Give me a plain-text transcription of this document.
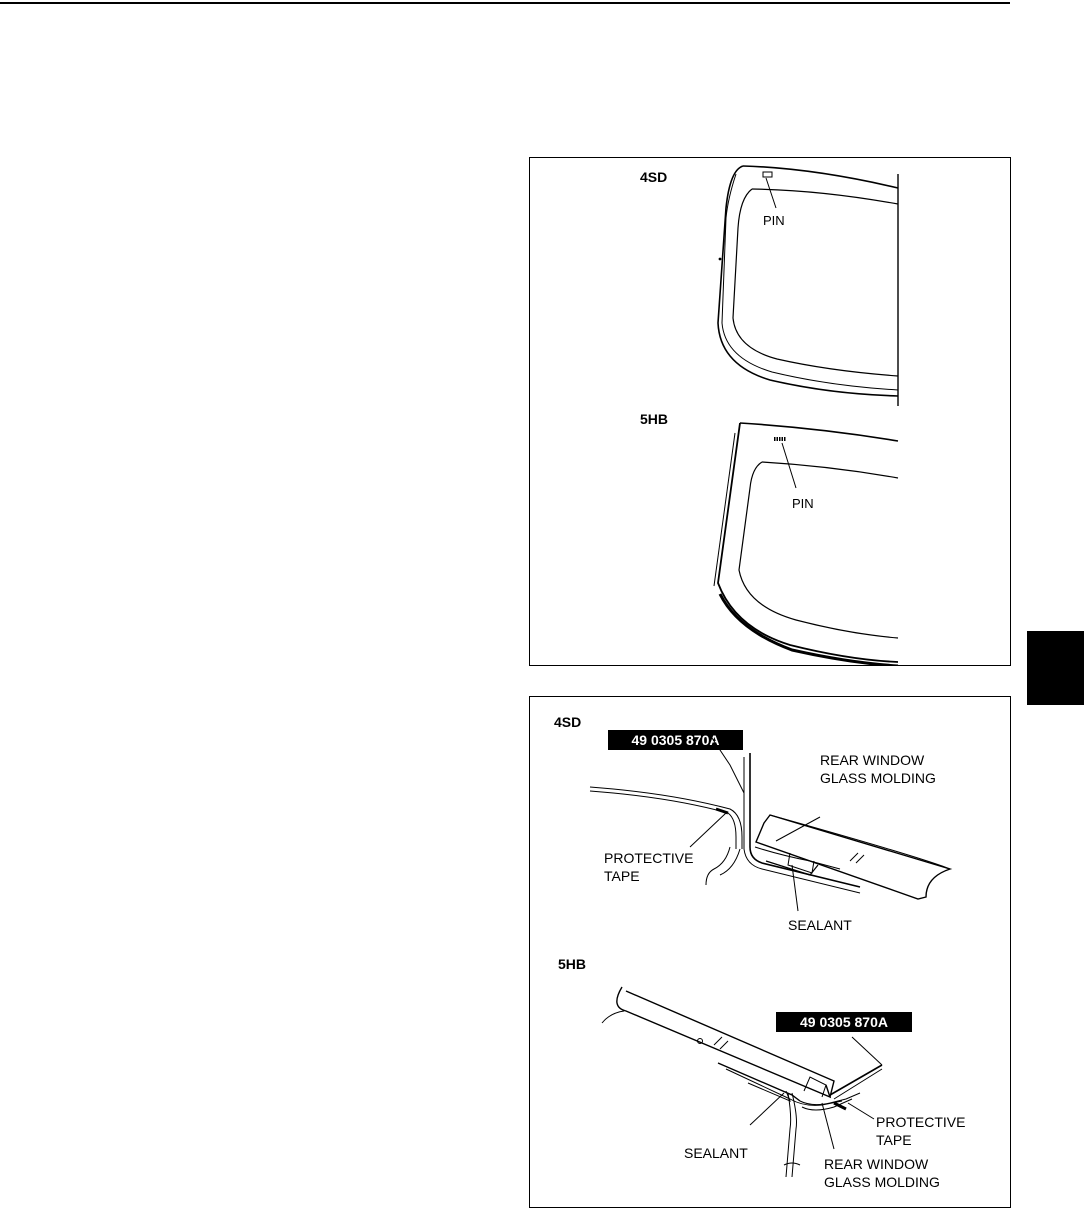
4SD
PIN
5HB
PIN
4SD
49 0305 870A
REAR WINDOW
GLASS MOLDING
PROTECTIVE
TAPE
SEALANT
5HB
49 0305 870A
PROTECTIVE
TAPE
SEALANT
REAR WINDOW
GLASS MOLDING
